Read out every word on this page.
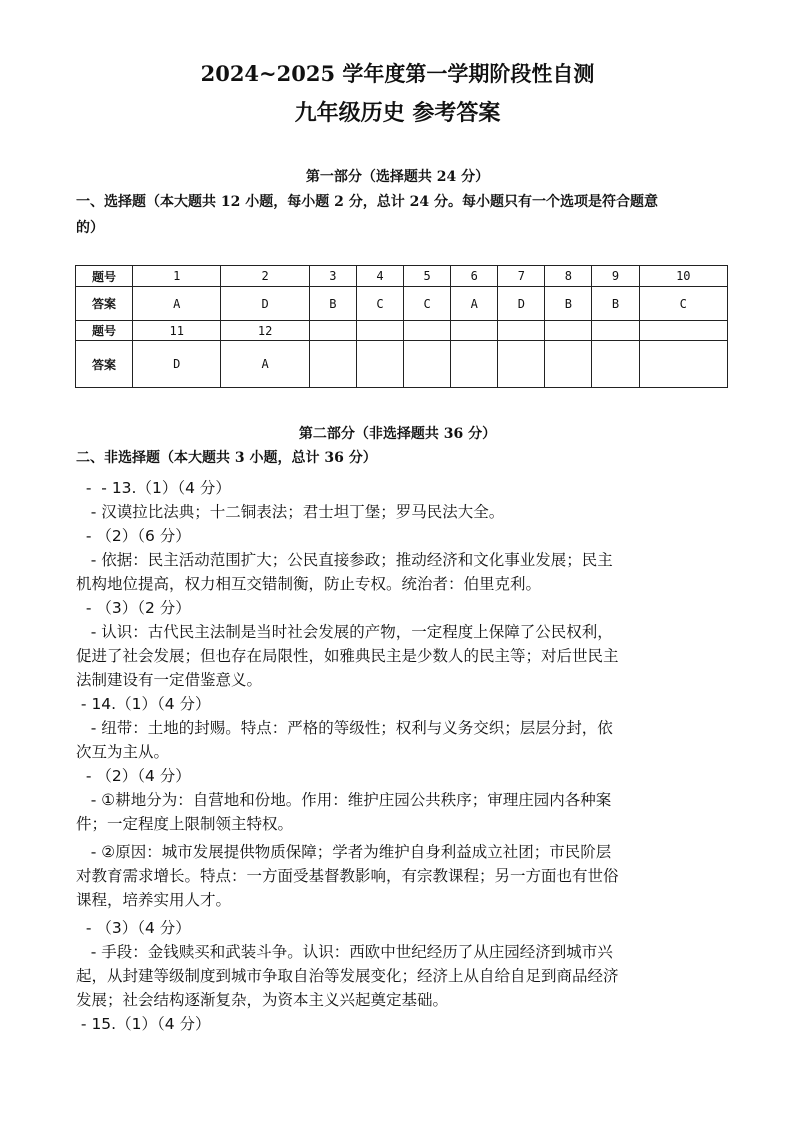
2024~2025 学年度第一学期阶段性自测
九年级历史 参考答案
第一部分（选择题共 24 分）
一、选择题（本大题共 12 小题，每小题 2 分，总计 24 分。每小题只有一个选项是符合题意
的）
题号	1	2	3	4	5	6	7	8	9	10
答案	A	D	B	C	C	A	D	B	B	C
题号	11	12								
答案	D	A								
第二部分（非选择题共 36 分）
二、非选择题（本大题共 3 小题，总计 36 分）
-  - 13.（1）（4 分）
- 汉谟拉比法典；十二铜表法；君士坦丁堡；罗马民法大全。
- （2）（6 分）
- 依据：民主活动范围扩大；公民直接参政；推动经济和文化事业发展；民主
机构地位提高，权力相互交错制衡，防止专权。统治者：伯里克利。
- （3）（2 分）
- 认识：古代民主法制是当时社会发展的产物，一定程度上保障了公民权利，
促进了社会发展；但也存在局限性，如雅典民主是少数人的民主等；对后世民主
法制建设有一定借鉴意义。
- 14.（1）（4 分）
- 纽带：土地的封赐。特点：严格的等级性；权利与义务交织；层层分封，依
次互为主从。
- （2）（4 分）
- ①耕地分为：自营地和份地。作用：维护庄园公共秩序；审理庄园内各种案
件；一定程度上限制领主特权。
- ②原因：城市发展提供物质保障；学者为维护自身利益成立社团；市民阶层
对教育需求增长。特点：一方面受基督教影响，有宗教课程；另一方面也有世俗
课程，培养实用人才。
- （3）（4 分）
- 手段：金钱赎买和武装斗争。认识：西欧中世纪经历了从庄园经济到城市兴
起，从封建等级制度到城市争取自治等发展变化；经济上从自给自足到商品经济
发展；社会结构逐渐复杂，为资本主义兴起奠定基础。
- 15.（1）（4 分）
